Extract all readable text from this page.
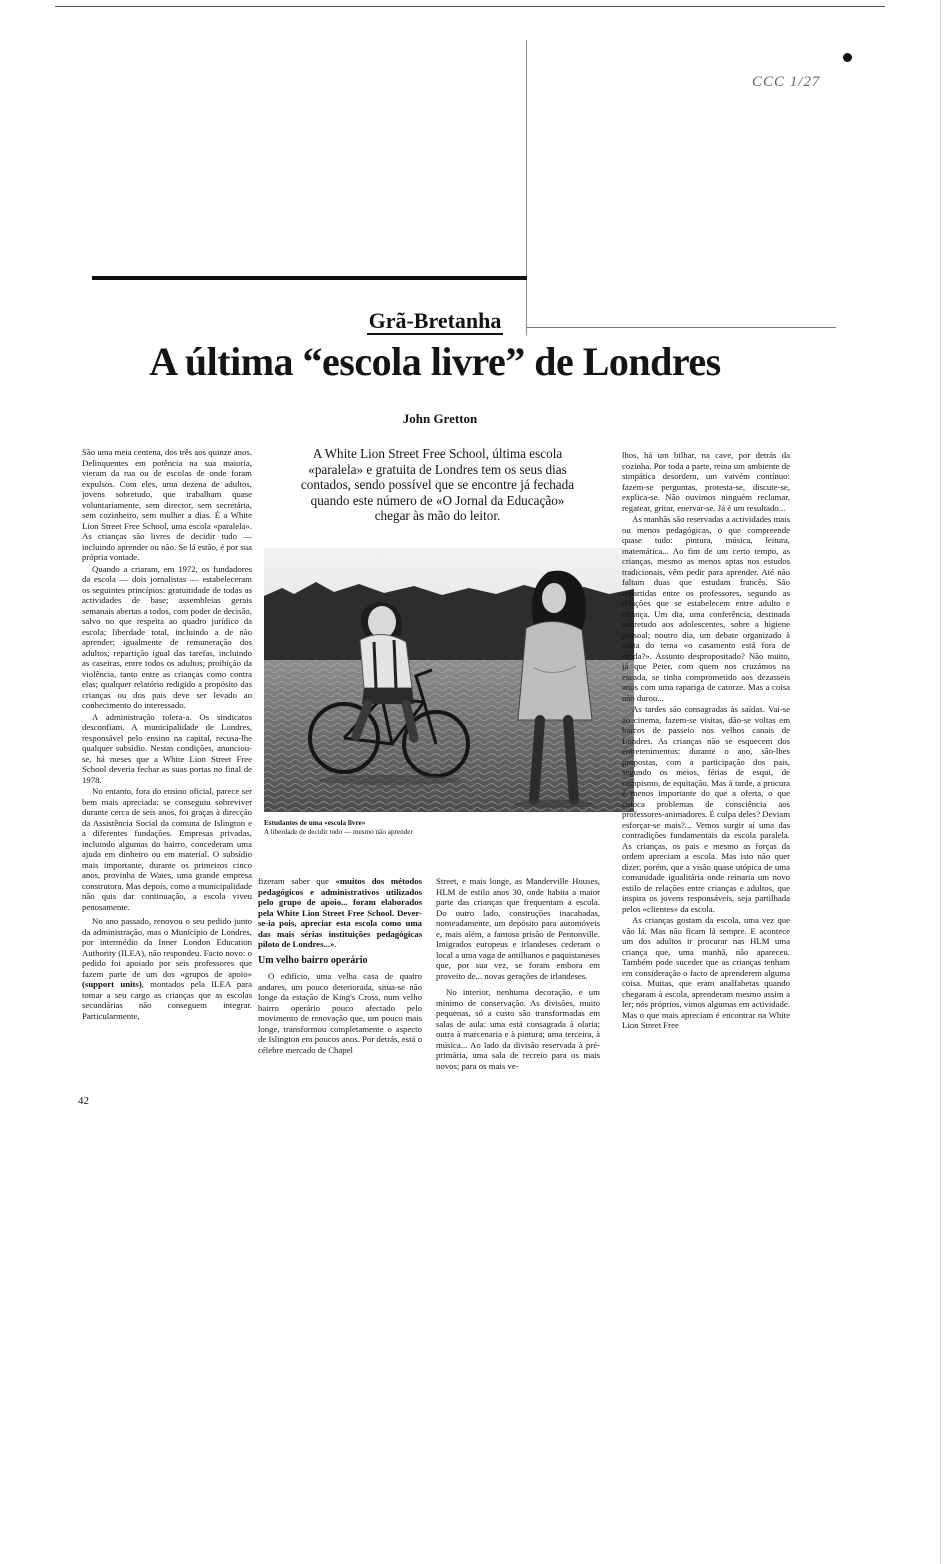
CCC 1/27
Grã-Bretanha
A última “escola livre” de Londres
John Gretton
A White Lion Street Free School, última escola «paralela» e gratuita de Londres tem os seus dias contados, sendo possível que se encontre já fechada quando este número de «O Jornal da Educação» chegar às mão do leitor.

São uma meia centena, dos três aos quinze anos. Delinquentes em potência na sua maioria, vieram da rua ou de escolas de onde foram expulsos. Com eles, uma dezena de adultos, jovens sobretudo, que trabalham quase voluntariamente, sem director, sem secretária, sem cozinheiro, sem mulher a dias. É a White Lion Street Free School, uma escola «paralela». As crianças são livres de decidir tudo — incluindo aprender ou não. Se lá estão, é por sua própria vontade.

Quando a criaram, em 1972, os fundadores da escola — dois jornalistas — estabeleceram os seguintes princípios: gratuitidade de todas as actividades de base; assembleias gerais semanais abertas a todos, com poder de decisão, salvo no que respeita ao quadro jurídico da escola; liberdade total, incluindo a de não aprender; igualmente de remuneração dos adultos; repartição igual das tarefas, incluindo as caseiras, entre todos os adultos; proibição da violência, tanto entre as crianças como contra elas; qualquer relatório redigido a propósito das crianças ou dos pais deve ser levado ao conhecimento do interessado.

A administração tolera-a. Os sindicatos desconfiam. A municipalidade de Londres, responsável pelo ensino na capital, recusa-lhe qualquer subsídio. Nestas condições, anunciou-se, há meses que a White Lion Street Free School deveria fechar as suas portas no final de 1978.

No entanto, fora do ensino oficial, parece ser bem mais apreciada: se conseguiu sobreviver durante cerca de seis anos, foi graças à direcção da Assistência Social da comuna de Islington e a diferentes fundações. Empresas privadas, incluindo algumas do bairro, concederam uma ajuda em dinheiro ou em material. O subsídio mais importante, durante os primeiros cinco anos, provinha de Wates, uma grande empresa construtora. Mas depois, como a municipalidade não quis dar continuação, a escola viveu penosamente.

No ano passado, renovou o seu pedido junto da administração, mas o Município de Londres, por intermédio da Inner London Education Authority (ILEA), não respondeu. Facto novo: o pedido foi apoiado por seis professores que fazem parte de um dos «grupos de apoio» (support units), montados pela ILEA para tomar a seu cargo as crianças que as escolas secundárias não conseguem integrar. Particularmente,

Estudantes de uma «escola livre»
A liberdade de decidir tudo — mesmo não aprender

fizeram saber que «muitos dos métodos pedagógicos e administrativos utilizados pelo grupo de apoio... foram elaborados pela White Lion Street Free School. Dever-se-ia pois, apreciar esta escola como uma das mais sérias instituições pedagógicas piloto de Londres...».

Um velho bairro operário

O edifício, uma velha casa de quatro andares, um pouco deteriorada, situa-se não longe da estação de King's Cross, num velho bairro operário pouco afectado pelo movimento de renovação que, um pouco mais longe, transformou completamente o aspecto de Islington em poucos anos. Por detrás, está o célebre mercado de Chapel

Street, e mais longe, as Manderville Houses, HLM de estilo anos 30, onde habita a maior parte das crianças que frequentam a escola. Do outro lado, construções inacabadas, nomeadamente, um depósito para automóveis e, mais além, a famosa prisão de Pentonville. Imigrados europeus e irlandeses cederam o local a uma vaga de antilhanos e paquistaneses que, por sua vez, se foram embora em proveito de... novas gerações de irlandeses.

No interior, nenhuma decoração, e um mínimo de conservação. As divisões, muito pequenas, só a custo são transformadas em salas de aula: uma está consagrada à olaria; outra à marcenaria e à pintura; uma terceira, à música... Ao lado da divisão reservada à pré-primária, uma sala de recreio para os mais novos; para os mais ve-

lhos, há um bilhar, na cave, por detrás da cozinha. Por toda a parte, reina um ambiente de simpática desordem, um vaivém contínuo: fazem-se perguntas, protesta-se, discute-se, explica-se. Não ouvimos ninguém reclamar, regatear, gritar, enervar-se. Já é um resultado...

As manhãs são reservadas a actividades mais ou menos pedagógicas, o que compreende quase tudo: pintura, música, leitura, matemática... Ao fim de um certo tempo, as crianças, mesmo as menos aptas nos estudos tradicionais, vêm pedir para aprender. Até não faltam duas que estudam francês. São repartidas entre os professores, segundo as relações que se estabelecem entre adulto e criança. Um dia, uma conferência, destinada sobretudo aos adolescentes, sobre a higiene pessoal; noutro dia, um debate organizado à volta do tema «o casamento está fora de moda?». Assunto despropositado? Não muito, já que Peter, com quem nos cruzámos na escada, se tinha comprometido aos dezasseis anos com uma rapariga de catorze. Mas a coisa não durou...

As tardes são consagradas às saídas. Vai-se ao cinema, fazem-se visitas, dão-se voltas em barcos de passeio nos velhos canais de Londres. As crianças não se esquecem dos entretenimentos: durante o ano, são-lhes propostas, com a participação dos pais, segundo os meios, férias de esqui, de campismo, de equitação. Mas à tarde, a procura é menos importante do que a oferta, o que coloca problemas de consciência aos professores-animadores. É culpa deles? Deviam esforçar-se mais?... Vemos surgir aí uma das contradições fundamentais da escola paralela. As crianças, os pais e mesmo as forças da ordem apreciam a escola. Mas isto não quer dizer, porém, que a visão quase utópica de uma comunidade igualitária onde reinaria um novo estilo de relações entre crianças e adultos, que inspira os jovens responsáveis, seja partilhada pelos «clientes» da escola.

As crianças gostam da escola, uma vez que vão lá. Mas não ficam lá sempre. E acontece um dos adultos ir procurar nas HLM uma criança que, uma manhã, não apareceu. Também pode suceder que as crianças tenham em consideração o facto de aprenderem alguma coisa. Muitas, que eram analfabetas quando chegaram à escola, aprenderam mesmo assim a ler; nós próprios, vimos algumas em actividade. Mas o que mais apreciam é encontrar na White Lion Street Free

42
